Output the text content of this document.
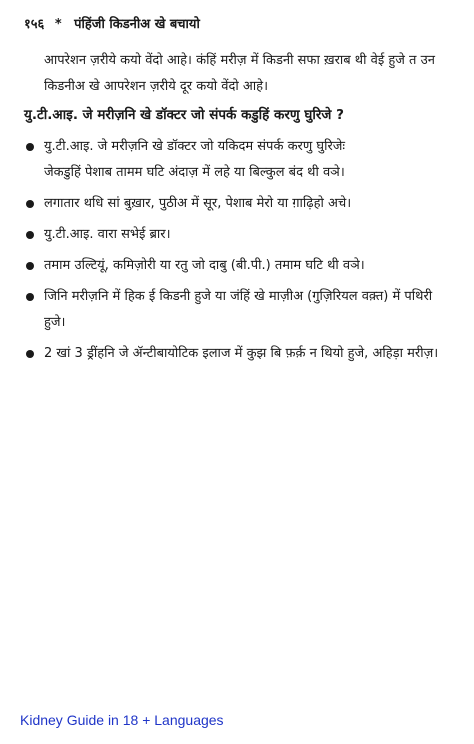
१५६ * पंहिंजी किडनीअ खे बचायो

आपरेशन ज़रीये कयो वेंदो आहे। कंहिं मरीज़ में किडनी सफा ख़राब थी वेई हुजे त उन किडनीअ खे आपरेशन ज़रीये दूर कयो वेंदो आहे।

यु.टी.आइ. जे मरीज़नि खे डॉक्टर जो संपर्क कडुहिं करणु घुरिजे ?

यु.टी.आइ. जे मरीज़नि खे डॉक्टर जो यकिदम संपर्क करणु घुरिजेः

जेकडुहिं पेशाब तामम घटि अंदाज़ में लहे या बिल्कुल बंद थी वञे।

लगातार थधि सां बुख़ार, पुठीअ में सूर, पेशाब मेरो या ग़ाढ़िहो अचे।

यु.टी.आइ. वारा सभेई ब्रार।

तमाम उल्टियूं, कमिज़ोरी या रतु जो दाबु (बी.पी.) तमाम घटि थी वञे।

जिनि मरीज़नि में हिक ई किडनी हुजे या जंहिं खे माज़ीअ (गुज़िरियल वक़्त) में पथिरी हुजे।

2 खां 3 ड्रींहनि जे ॲन्टीबायोटिक इलाज में कुझ बि फ़र्क़ न थियो हुजे, अहिड़ा मरीज़।

Kidney Guide in 18 + Languages
